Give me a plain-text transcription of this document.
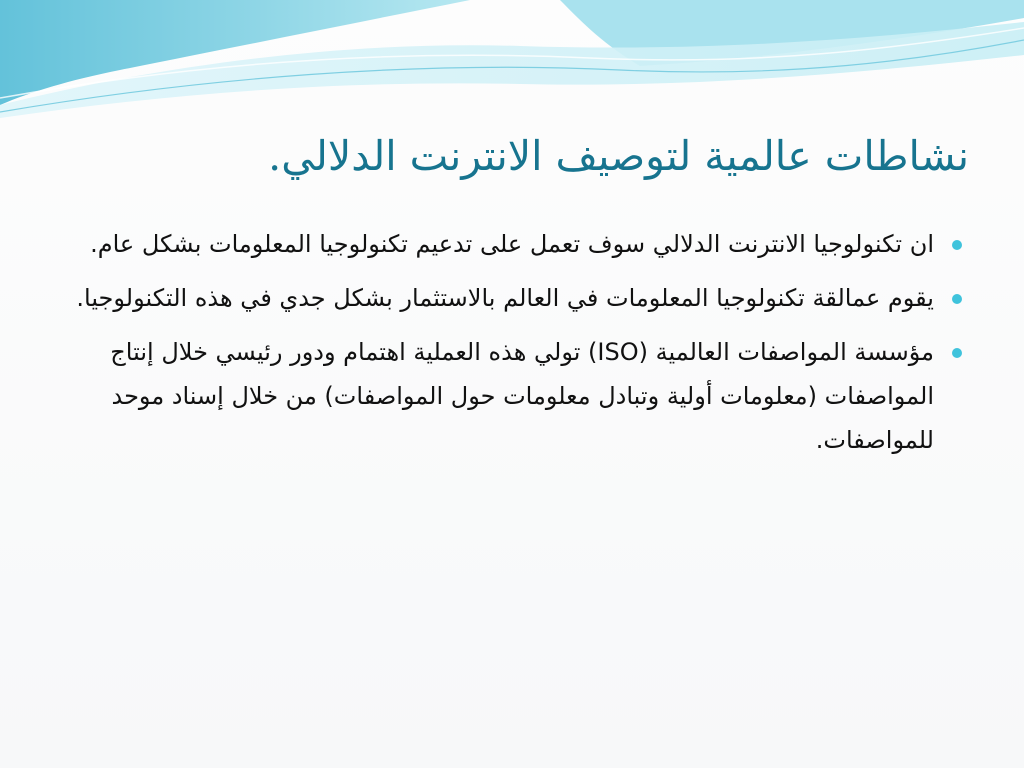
نشاطات عالمية لتوصيف الانترنت الدلالي.
ان تكنولوجيا الانترنت الدلالي سوف تعمل على تدعيم تكنولوجيا المعلومات بشكل عام.
يقوم عمالقة تكنولوجيا المعلومات في العالم بالاستثمار بشكل جدي في هذه التكنولوجيا.
مؤسسة المواصفات العالمية (ISO) تولي هذه العملية اهتمام ودور رئيسي خلال إنتاج المواصفات (معلومات أولية وتبادل معلومات حول المواصفات) من خلال إسناد موحد للمواصفات.
